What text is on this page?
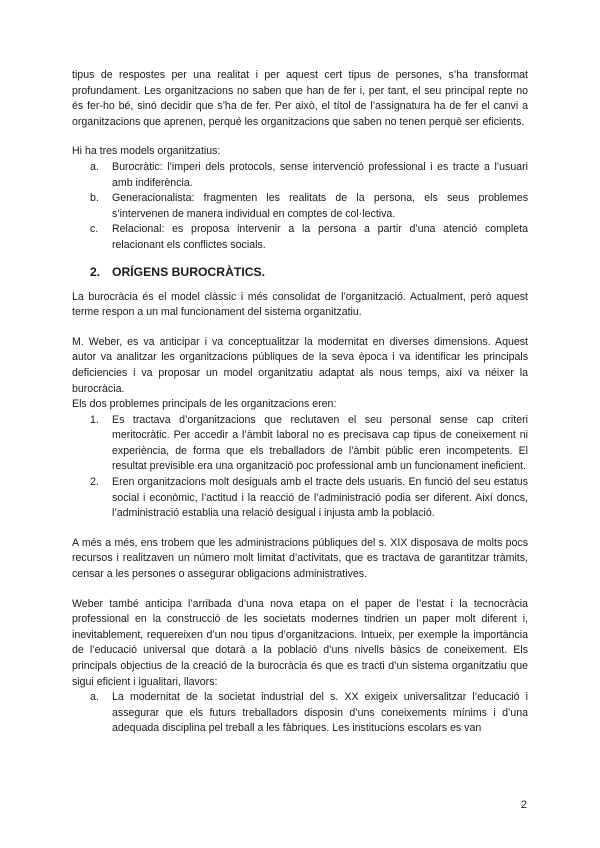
tipus de respostes per una realitat i per aquest cert tipus de persones, s’ha transformat profundament. Les organitzacions no saben que han de fer i, per tant, el seu principal repte no és fer-ho bé, sinó decidir que s’ha de fer. Per això, el títol de l’assignatura ha de fer el canvi a organitzacions que aprenen, perqué les organitzacions que saben no tenen perquè ser eficients.

Hi ha tres models organitzatius:

a.	Burocràtic: l’imperi dels protocols, sense intervenció professional i es tracte a l’usuari amb indiferència.
b.	Generacionalista: fragmenten les realitats de la persona, els seus problemes s’intervenen de manera individual en comptes de col·lectiva.
c.	Relacional: es proposa intervenir a la persona a partir d’una atenció completa relacionant els conflictes socials.
2. ORÍGENS BUROCRÀTICS.

La burocràcia és el model clàssic i més consolidat de l’organització. Actualment, però aquest terme respon a un mal funcionament del sistema organitzatiu.

M. Weber, es va anticipar i va conceptualitzar la modernitat en diverses dimensions. Aquest autor va analitzar les organitzacions públiques de la seva època i va identificar les principals deficiencies i va proposar un model organitzatiu adaptat als nous temps, així va néixer la burocràcia.

Els dos problemes principals de les organitzacions eren:

1.	Es tractava d’organitzacions que reclutaven el seu personal sense cap criteri meritocràtic. Per accedir a l’àmbit laboral no es precisava cap tipus de coneixement ni experiència, de forma que els treballadors de l’àmbit públic eren incompetents. El resultat previsible era una organització poc professional amb un funcionament ineficient.
2.	Eren organitzacions molt desiguals amb el tracte dels usuaris. En funció del seu estatus social i econòmic, l’actitud i la reacció de l’administració podia ser diferent. Així doncs, l’administració establia una relació desigual i injusta amb la població.

A més a més, ens trobem que les administracions públiques del s. XIX disposava de molts pocs recursos i realitzaven un número molt limitat d’activitats, que es tractava de garantitzar tràmits, censar a les persones o assegurar obligacions administratives.

Weber també anticipa l’arribada d’una nova etapa on el paper de l’estat i la tecnocràcia professional en la construcció de les societats modernes tindrien un paper molt diferent i, inevitablement, requereixen d’un nou tipus d’organitzacions. Intueix, per exemple la importància de l’educació universal que dotarà a la població d’uns nivells bàsics de coneixement. Els principals objectius de la creació de la burocràcia és que es tracti d’un sistema organitzatiu que sigui eficient i igualitari, llavors:

a.	La modernitat de la societat industrial del s. XX exigeix universalitzar l’educació i assegurar que els futurs treballadors disposin d’uns coneixements mínims i d’una adequada disciplina pel treball a les fàbriques. Les institucions escolars es van
2
